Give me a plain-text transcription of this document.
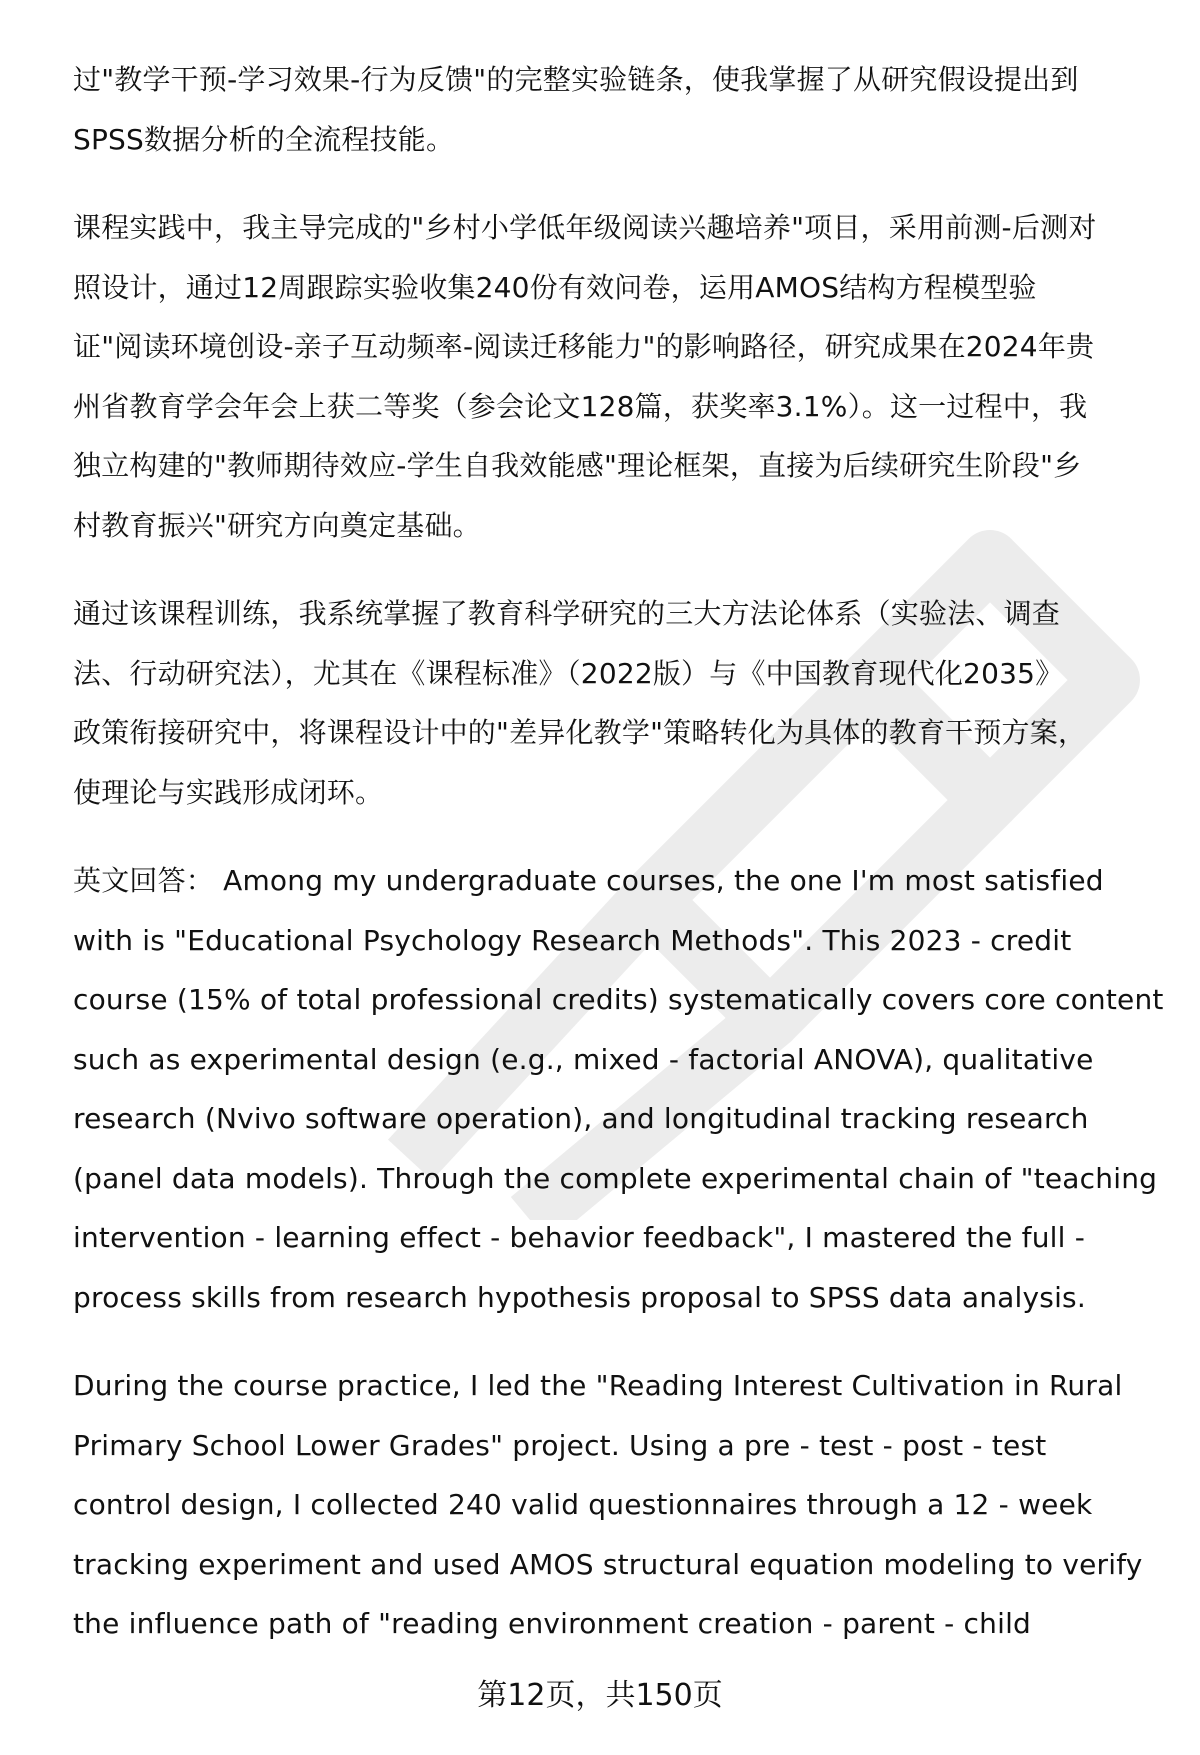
过"教学干预-学习效果-行为反馈"的完整实验链条，使我掌握了从研究假设提出到
SPSS数据分析的全流程技能。

课程实践中，我主导完成的"乡村小学低年级阅读兴趣培养"项目，采用前测-后测对
照设计，通过12周跟踪实验收集240份有效问卷，运用AMOS结构方程模型验
证"阅读环境创设-亲子互动频率-阅读迁移能力"的影响路径，研究成果在2024年贵
州省教育学会年会上获二等奖（参会论文128篇，获奖率3.1%）。这一过程中，我
独立构建的"教师期待效应-学生自我效能感"理论框架，直接为后续研究生阶段"乡
村教育振兴"研究方向奠定基础。

通过该课程训练，我系统掌握了教育科学研究的三大方法论体系（实验法、调查
法、行动研究法），尤其在《课程标准》（2022版）与《中国教育现代化2035》
政策衔接研究中，将课程设计中的"差异化教学"策略转化为具体的教育干预方案，
使理论与实践形成闭环。

英文回答： Among my undergraduate courses, the one I'm most satisfied
with is "Educational Psychology Research Methods". This 2023 - credit
course (15% of total professional credits) systematically covers core content
such as experimental design (e.g., mixed - factorial ANOVA), qualitative
research (Nvivo software operation), and longitudinal tracking research
(panel data models). Through the complete experimental chain of "teaching
intervention - learning effect - behavior feedback", I mastered the full -
process skills from research hypothesis proposal to SPSS data analysis.

During the course practice, I led the "Reading Interest Cultivation in Rural
Primary School Lower Grades" project. Using a pre - test - post - test
control design, I collected 240 valid questionnaires through a 12 - week
tracking experiment and used AMOS structural equation modeling to verify
the influence path of "reading environment creation - parent - child

第12页，共150页
